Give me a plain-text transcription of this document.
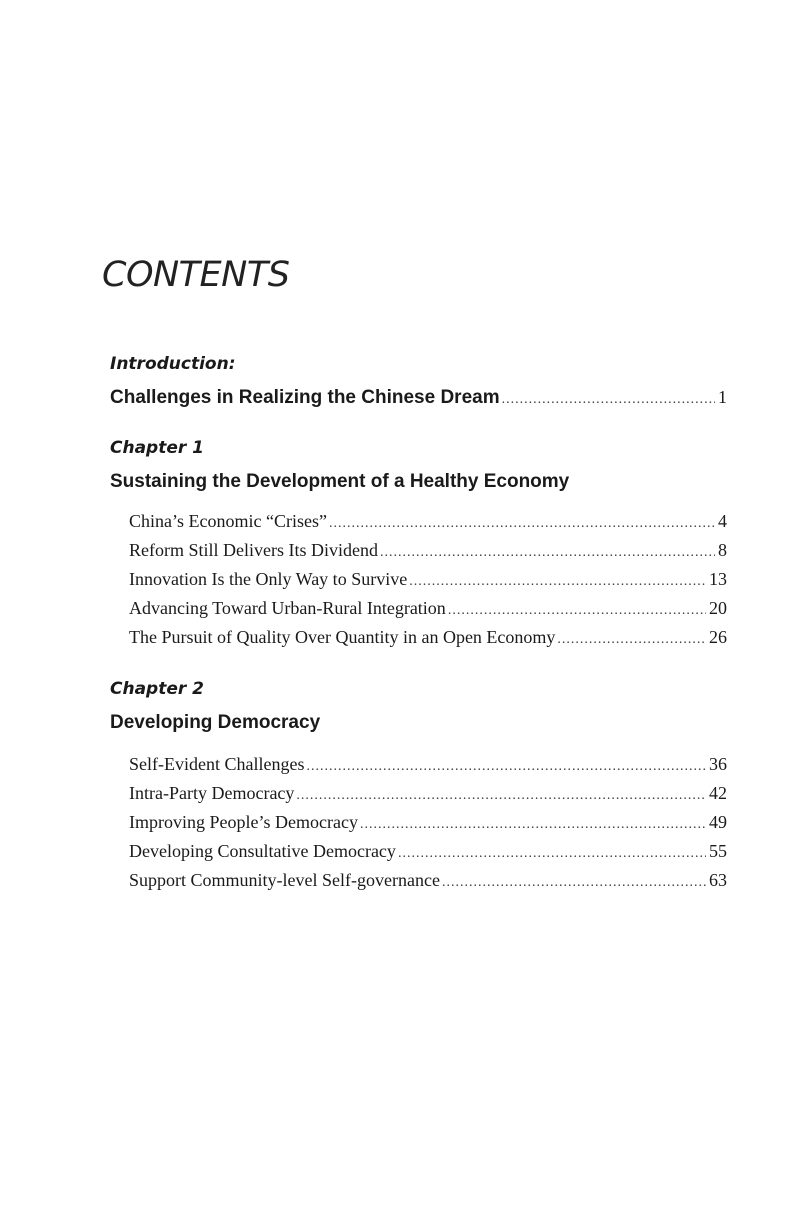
CONTENTS
Introduction:
Challenges in Realizing the Chinese Dream .....	1
Chapter 1
Sustaining the Development of a Healthy Economy
China’s Economic “Crises” .....	4
Reform Still Delivers Its Dividend .....	8
Innovation Is the Only Way to Survive .....	13
Advancing Toward Urban-Rural Integration .....	20
The Pursuit of Quality Over Quantity in an Open Economy .....	26
Chapter 2
Developing Democracy
Self-Evident Challenges .....	36
Intra-Party Democracy .....	42
Improving People’s Democracy .....	49
Developing Consultative Democracy .....	55
Support Community-level Self-governance .....	63
